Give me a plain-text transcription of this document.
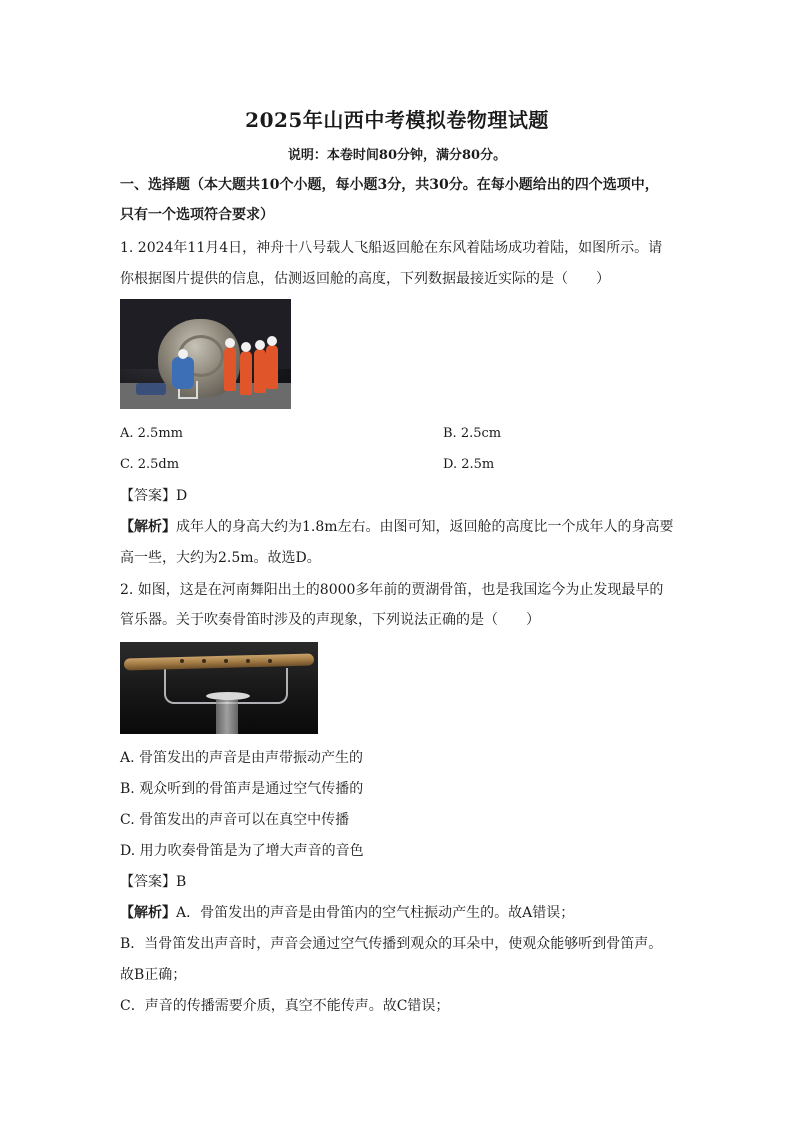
2025年山西中考模拟卷物理试题
说明：本卷时间80分钟，满分80分。
一、选择题（本大题共10个小题，每小题3分，共30分。在每小题给出的四个选项中，
只有一个选项符合要求）
1. 2024年11月4日，神舟十八号载人飞船返回舱在东风着陆场成功着陆，如图所示。请
你根据图片提供的信息，估测返回舱的高度，下列数据最接近实际的是（　　）
A. 2.5mm	B. 2.5cm
C. 2.5dm	D. 2.5m
【答案】D
【解析】成年人的身高大约为1.8m左右。由图可知，返回舱的高度比一个成年人的身高要
高一些，大约为2.5m。故选D。
2. 如图，这是在河南舞阳出土的8000多年前的贾湖骨笛，也是我国迄今为止发现最早的
管乐器。关于吹奏骨笛时涉及的声现象，下列说法正确的是（　　）
A. 骨笛发出的声音是由声带振动产生的
B. 观众听到的骨笛声是通过空气传播的
C. 骨笛发出的声音可以在真空中传播
D. 用力吹奏骨笛是为了增大声音的音色
【答案】B
【解析】A．骨笛发出的声音是由骨笛内的空气柱振动产生的。故A错误；
B．当骨笛发出声音时，声音会通过空气传播到观众的耳朵中，使观众能够听到骨笛声。
故B正确；
C．声音的传播需要介质，真空不能传声。故C错误；
